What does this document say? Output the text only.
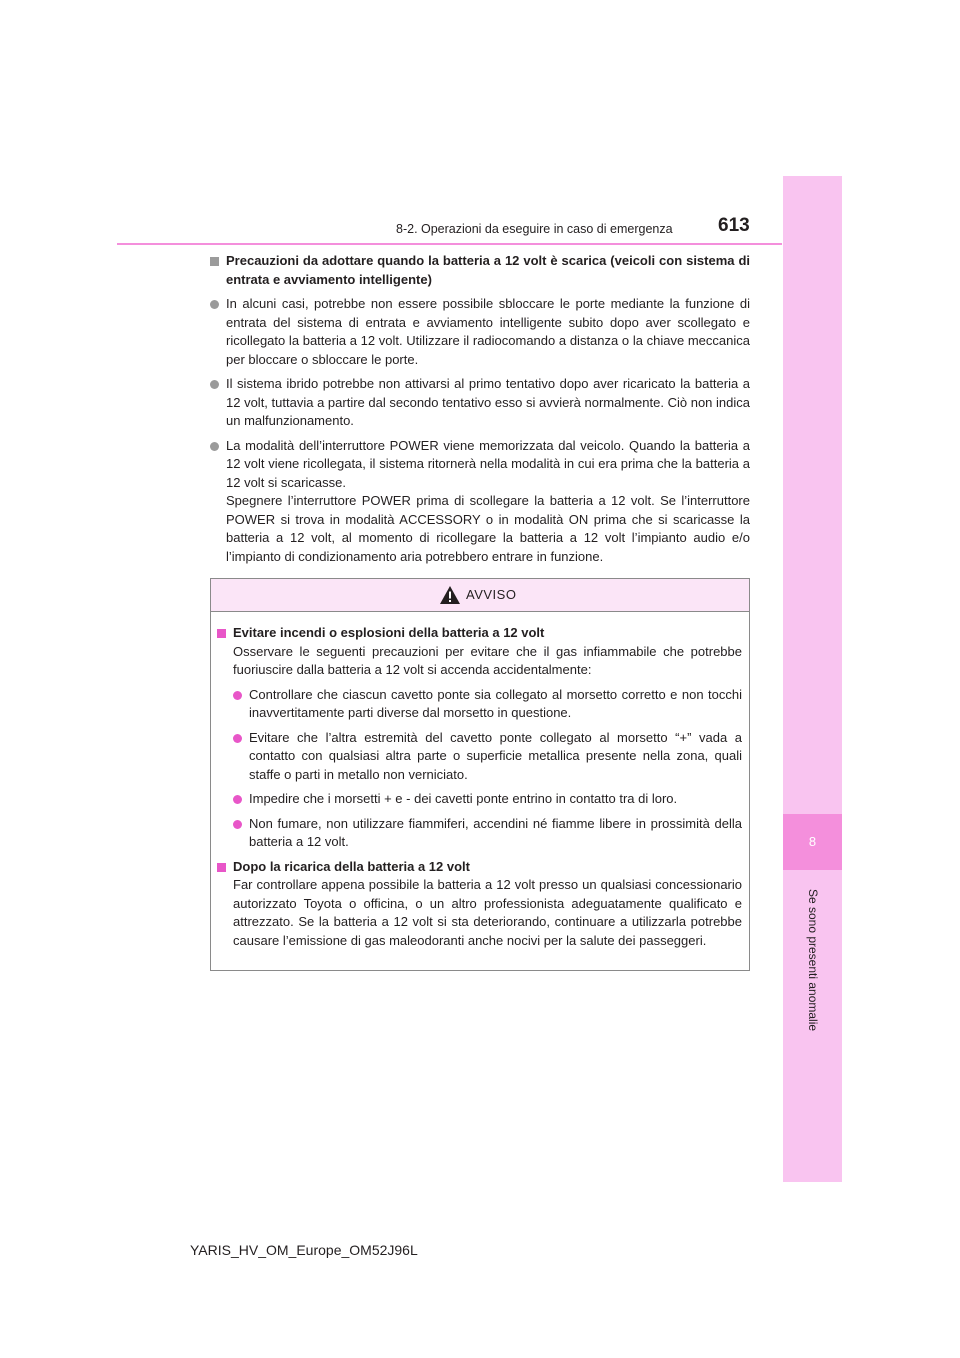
8
Se sono presenti anomalie
8-2. Operazioni da eseguire in caso di emergenza 613
Precauzioni da adottare quando la batteria a 12 volt è scarica (veicoli con sistema di entrata e avviamento intelligente)

In alcuni casi, potrebbe non essere possibile sbloccare le porte mediante la funzione di entrata del sistema di entrata e avviamento intelligente subito dopo aver scollegato e ricollegato la batteria a 12 volt. Utilizzare il radiocomando a distanza o la chiave meccanica per bloccare o sbloccare le porte.

Il sistema ibrido potrebbe non attivarsi al primo tentativo dopo aver ricaricato la batteria a 12 volt, tuttavia a partire dal secondo tentativo esso si avvierà normalmente. Ciò non indica un malfunzionamento.

La modalità dell’interruttore POWER viene memorizzata dal veicolo. Quando la batteria a 12 volt viene ricollegata, il sistema ritornerà nella modalità in cui era prima che la batteria a 12 volt si scaricasse.

Spegnere l’interruttore POWER prima di scollegare la batteria a 12 volt. Se l’interruttore POWER si trova in modalità ACCESSORY o in modalità ON prima che si scaricasse la batteria a 12 volt, al momento di ricollegare la batteria a 12 volt l’impianto audio e/o l’impianto di condizionamento aria potrebbero entrare in funzione.

AVVISO
Evitare incendi o esplosioni della batteria a 12 volt

Osservare le seguenti precauzioni per evitare che il gas infiammabile che potrebbe fuoriuscire dalla batteria a 12 volt si accenda accidentalmente:

Controllare che ciascun cavetto ponte sia collegato al morsetto corretto e non tocchi inavvertitamente parti diverse dal morsetto in questione.
Evitare che l’altra estremità del cavetto ponte collegato al morsetto “+” vada a contatto con qualsiasi altra parte o superficie metallica presente nella zona, quali staffe o parti in metallo non verniciato.
Impedire che i morsetti + e - dei cavetti ponte entrino in contatto tra di loro.
Non fumare, non utilizzare fiammiferi, accendini né fiamme libere in prossimità della batteria a 12 volt.
Dopo la ricarica della batteria a 12 volt

Far controllare appena possibile la batteria a 12 volt presso un qualsiasi concessionario autorizzato Toyota o officina, o un altro professionista adeguatamente qualificato e attrezzato. Se la batteria a 12 volt si sta deteriorando, continuare a utilizzarla potrebbe causare l’emissione di gas maleodoranti anche nocivi per la salute dei passeggeri.

YARIS_HV_OM_Europe_OM52J96L
